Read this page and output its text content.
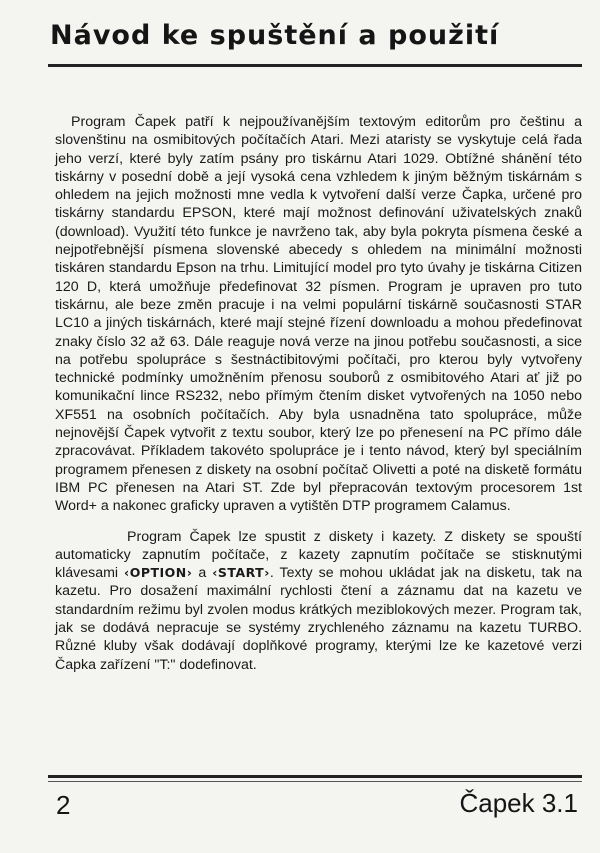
Návod ke spuštění a použití

Program Čapek patří k nejpoužívanějším textovým editorům pro češtinu a slovenštinu na osmibitových počítačích Atari. Mezi ataristy se vyskytuje celá řada jeho verzí, které byly zatím psány pro tiskárnu Atari 1029. Obtížné shánění této tiskárny v posední době a její vysoká cena vzhledem k jiným běžným tiskárnám s ohledem na jejich možnosti mne vedla k vytvoření další verze Čapka, určené pro tiskárny standardu EPSON, které mají možnost definování uživatelských znaků (download). Využití této funkce je navrženo tak, aby byla pokryta písmena české a nejpotřebnější písmena slovenské abecedy s ohledem na minimální možnosti tiskáren standardu Epson na trhu. Limitující model pro tyto úvahy je tiskárna Citizen 120 D, která umožňuje předefinovat 32 písmen. Program je upraven pro tuto tiskárnu, ale beze změn pracuje i na velmi populární tiskárně současnosti STAR LC10 a jiných tiskárnách, které mají stejné řízení downloadu a mohou předefinovat znaky číslo 32 až 63. Dále reaguje nová verze na jinou potřebu současnosti, a sice na potřebu spolupráce s šestnáctibitovými počítači, pro kterou byly vytvořeny technické podmínky umožněním přenosu souborů z osmibitového Atari ať již po komunikační lince RS232, nebo přímým čtením disket vytvořených na 1050 nebo XF551 na osobních počítačích. Aby byla usnadněna tato spolupráce, může nejnovější Čapek vytvořit z textu soubor, který lze po přenesení na PC přímo dále zpracovávat. Příkladem takovéto spolupráce je i tento návod, který byl speciálním programem přenesen z diskety na osobní počítač Olivetti a poté na disketě formátu IBM PC přenesen na Atari ST. Zde byl přepracován textovým procesorem 1st Word+ a nakonec graficky upraven a vytištěn DTP programem Calamus.

Program Čapek lze spustit z diskety i kazety. Z diskety se spouští automaticky zapnutím počítače, z kazety zapnutím počítače se stisknutými klávesami ‹OPTION› a ‹START›. Texty se mohou ukládat jak na disketu, tak na kazetu. Pro dosažení maximální rychlosti čtení a záznamu dat na kazetu ve standardním režimu byl zvolen modus krátkých meziblokových mezer. Program tak, jak se dodává nepracuje se systémy zrychleného záznamu na kazetu TURBO. Různé kluby však dodávají doplňkové programy, kterými lze ke kazetové verzi Čapka zařízení "T:" dodefinovat.

2	Čapek 3.1
